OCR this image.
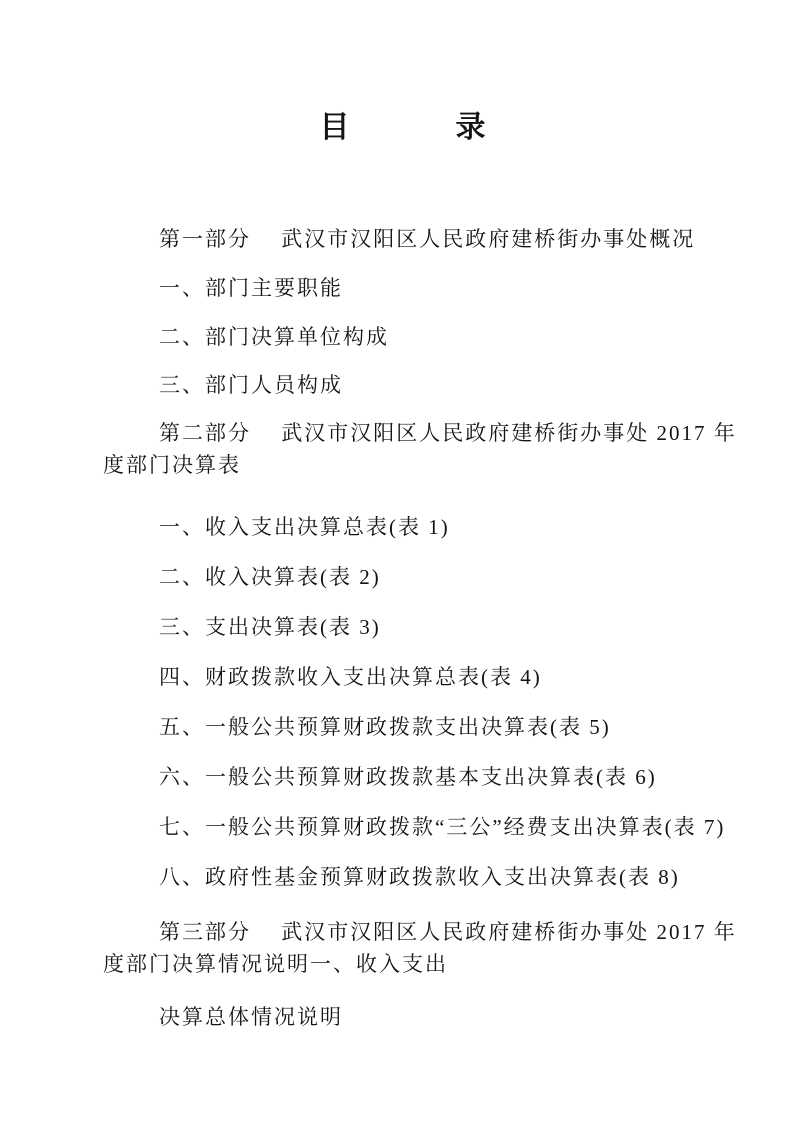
目　　　录

第一部分　 武汉市汉阳区人民政府建桥街办事处概况

一、部门主要职能

二、部门决算单位构成

三、部门人员构成

第二部分　 武汉市汉阳区人民政府建桥街办事处 2017 年
度部门决算表

一、收入支出决算总表(表 1)

二、收入决算表(表 2)

三、支出决算表(表 3)

四、财政拨款收入支出决算总表(表 4)

五、一般公共预算财政拨款支出决算表(表 5)

六、一般公共预算财政拨款基本支出决算表(表 6)

七、一般公共预算财政拨款“三公”经费支出决算表(表 7)

八、政府性基金预算财政拨款收入支出决算表(表 8)

第三部分　 武汉市汉阳区人民政府建桥街办事处 2017 年
度部门决算情况说明一、收入支出

决算总体情况说明
